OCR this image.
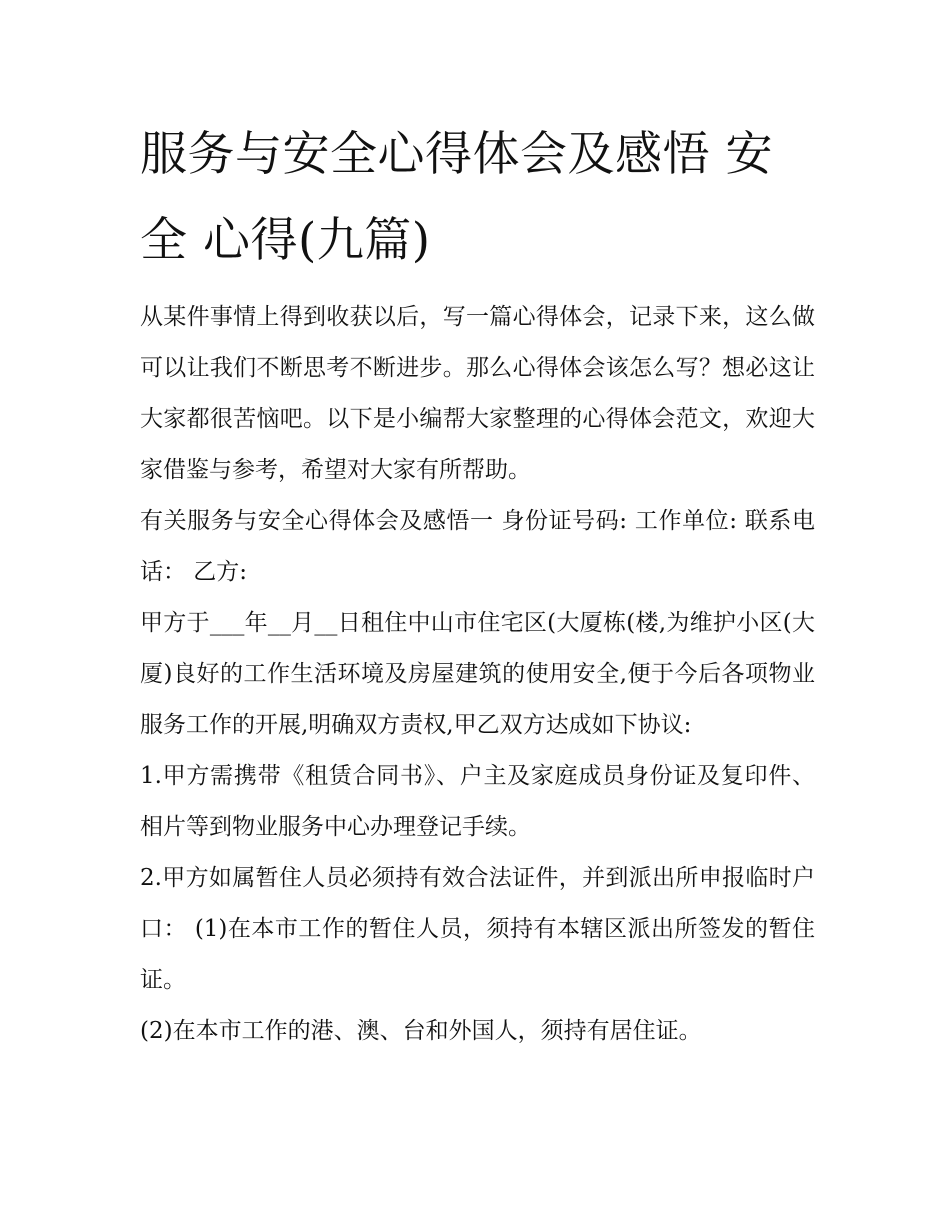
服务与安全心得体会及感悟 安全 心得(九篇)

从某件事情上得到收获以后，写一篇心得体会，记录下来，这么做可以让我们不断思考不断进步。那么心得体会该怎么写？想必这让大家都很苦恼吧。以下是小编帮大家整理的心得体会范文，欢迎大家借鉴与参考，希望对大家有所帮助。

有关服务与安全心得体会及感悟一 身份证号码: 工作单位: 联系电话： 乙方:

甲方于___年__月__日租住中山市住宅区(大厦栋(楼,为维护小区(大厦)良好的工作生活环境及房屋建筑的使用安全,便于今后各项物业服务工作的开展,明确双方责权,甲乙双方达成如下协议:

1.甲方需携带《租赁合同书》、户主及家庭成员身份证及复印件、相片等到物业服务中心办理登记手续。

2.甲方如属暂住人员必须持有效合法证件，并到派出所申报临时户口： (1)在本市工作的暂住人员，须持有本辖区派出所签发的暂住证。

(2)在本市工作的港、澳、台和外国人，须持有居住证。
